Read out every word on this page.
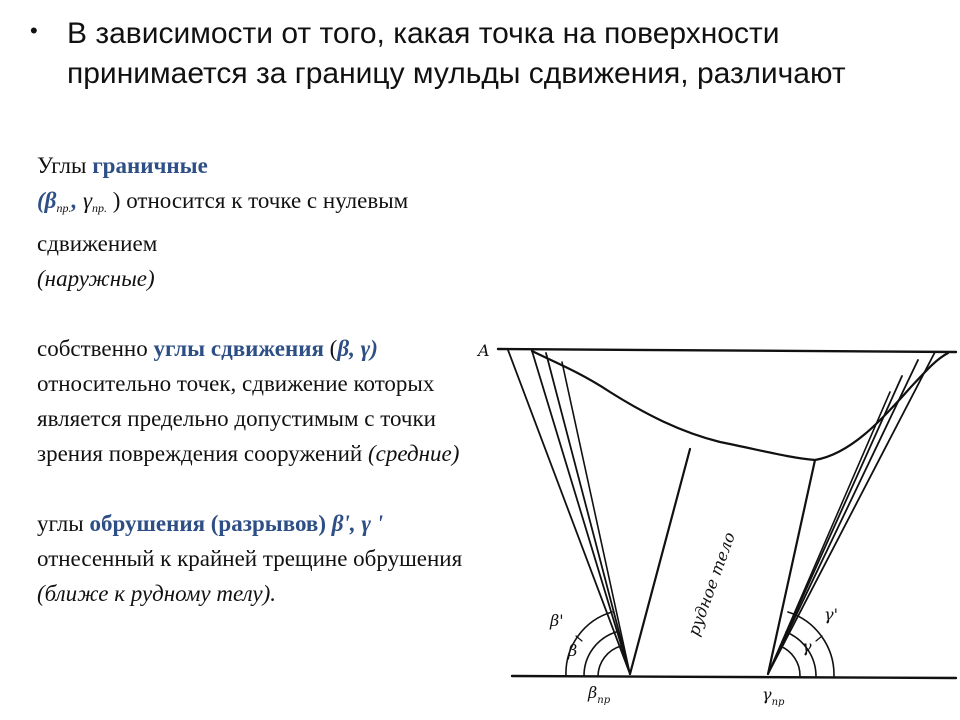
• В зависимости от того, какая точка на поверхности принимается за границу мульды сдвижения, различают

Углы граничные
($\beta_{пр.}$, $\gamma_{пр.}$ ) относится к точке с нулевым сдвижением
(наружные)

собственно углы сдвижения (β, γ) относительно точек, сдвижение которых является предельно допустимым с точки зрения повреждения сооружений (средние)

углы обрушения (разрывов) β', γ ' отнесенный к крайней трещине обрушения (ближе к рудному телу).

A
рудное тело
β'
β
$\beta_{пр}$
γ'
γ
$\gamma_{пр}$
